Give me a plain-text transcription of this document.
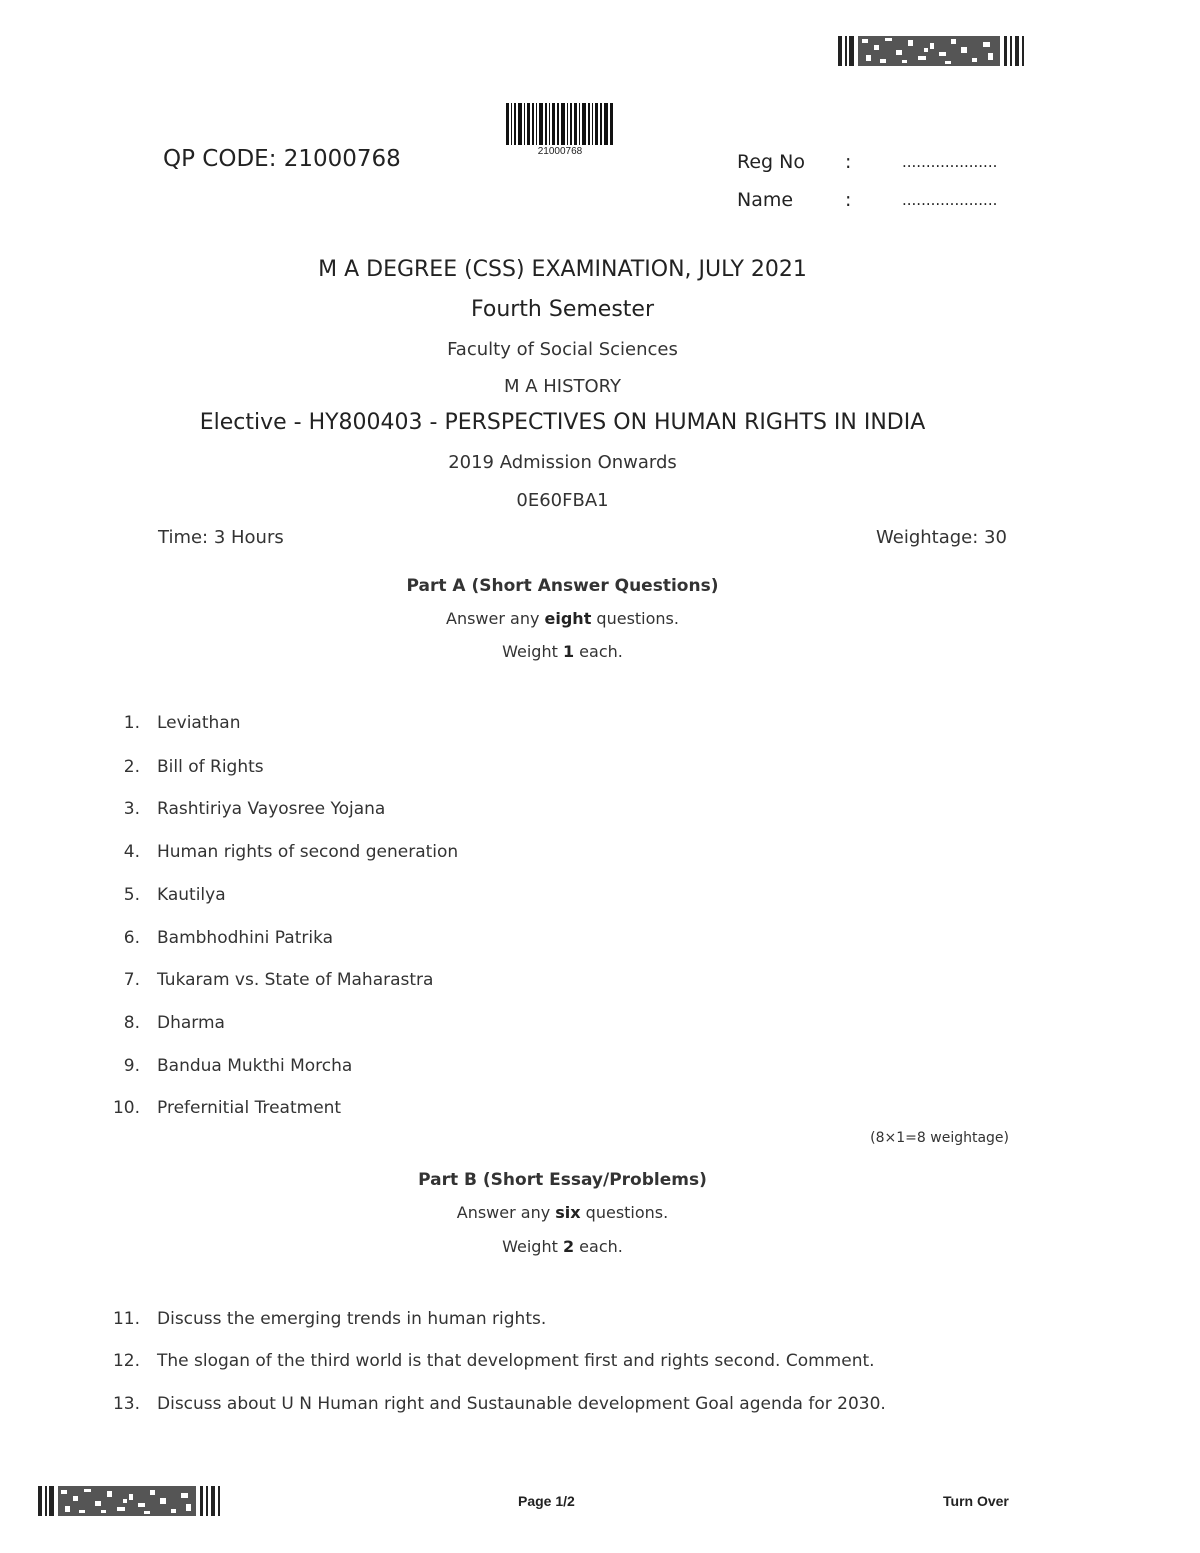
21000768
QP CODE: 21000768	Reg No :	....................
Name	:	....................
M A DEGREE (CSS) EXAMINATION, JULY 2021
Fourth Semester
Faculty of Social Sciences
M A HISTORY
Elective - HY800403 - PERSPECTIVES ON HUMAN RIGHTS IN INDIA
2019 Admission Onwards
0E60FBA1
Time: 3 Hours	Weightage: 30
Part A (Short Answer Questions)
Answer any eight questions.
Weight 1 each.
1. Leviathan
2. Bill of Rights
3. Rashtiriya Vayosree Yojana
4. Human rights of second generation
5. Kautilya
6. Bambhodhini Patrika
7. Tukaram vs. State of Maharastra
8. Dharma
9. Bandua Mukthi Morcha
10. Prefernitial Treatment
(8×1=8 weightage)
Part B (Short Essay/Problems)
Answer any six questions.
Weight 2 each.
11. Discuss the emerging trends in human rights.
12. The slogan of the third world is that development first and rights second. Comment.
13. Discuss about U N Human right and Sustaunable development Goal agenda for 2030.
Page 1/2	Turn Over
